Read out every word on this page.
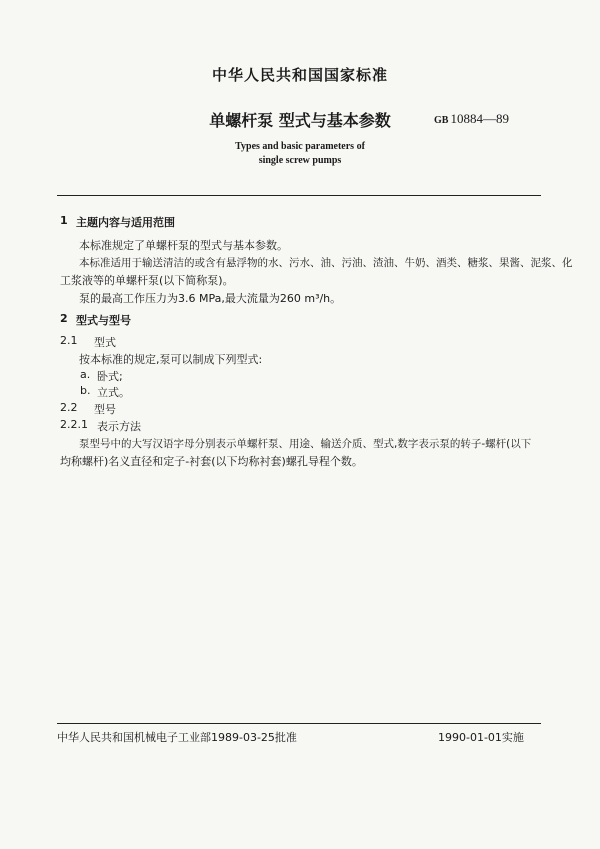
中华人民共和国国家标准
单螺杆泵 型式与基本参数	GB 10884—89
Types and basic parameters of
single screw pumps
1 主题内容与适用范围
本标准规定了单螺杆泵的型式与基本参数。
本标准适用于输送清洁的或含有悬浮物的水、污水、油、污油、渣油、牛奶、酒类、糖浆、果酱、泥浆、化
工浆液等的单螺杆泵(以下简称泵)。
泵的最高工作压力为3.6 MPa,最大流量为260 m³/h。
2 型式与型号
2.1 型式
按本标准的规定,泵可以制成下列型式:
a. 卧式;
b. 立式。
2.2 型号
2.2.1 表示方法
泵型号中的大写汉语字母分别表示单螺杆泵、用途、输送介质、型式,数字表示泵的转子-螺杆(以下
均称螺杆)名义直径和定子-衬套(以下均称衬套)螺孔导程个数。
中华人民共和国机械电子工业部1989-03-25批准	1990-01-01实施
